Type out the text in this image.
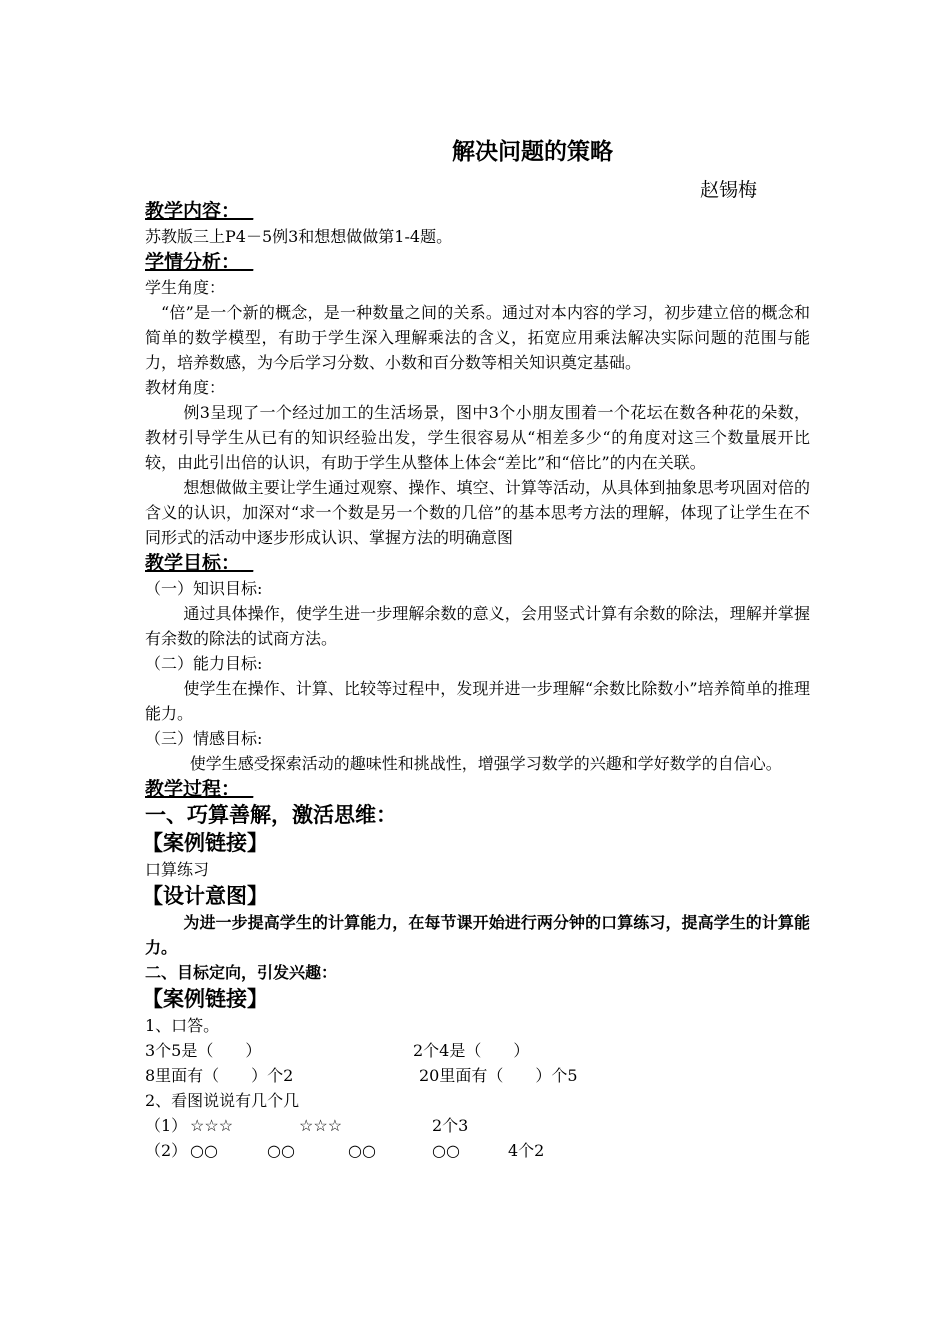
解决问题的策略
赵锡梅
教学内容：
苏教版三上P4－5例3和想想做做第1-4题。
学情分析：
学生角度：
“倍”是一个新的概念，是一种数量之间的关系。通过对本内容的学习，初步建立倍的概念和简单的数学模型，有助于学生深入理解乘法的含义，拓宽应用乘法解决实际问题的范围与能力，培养数感，为今后学习分数、小数和百分数等相关知识奠定基础。
教材角度：
例3呈现了一个经过加工的生活场景，图中3个小朋友围着一个花坛在数各种花的朵数，教材引导学生从已有的知识经验出发，学生很容易从“相差多少“的角度对这三个数量展开比较，由此引出倍的认识，有助于学生从整体上体会“差比”和“倍比”的内在关联。
想想做做主要让学生通过观察、操作、填空、计算等活动，从具体到抽象思考巩固对倍的含义的认识，加深对“求一个数是另一个数的几倍”的基本思考方法的理解，体现了让学生在不同形式的活动中逐步形成认识、掌握方法的明确意图
教学目标：
（一）知识目标:
通过具体操作，使学生进一步理解余数的意义，会用竖式计算有余数的除法，理解并掌握有余数的除法的试商方法。
（二）能力目标:
使学生在操作、计算、比较等过程中，发现并进一步理解“余数比除数小”培养简单的推理能力。
（三）情感目标:
使学生感受探索活动的趣味性和挑战性，增强学习数学的兴趣和学好数学的自信心。
教学过程：
一、巧算善解，激活思维：
【案例链接】
口算练习
【设计意图】
为进一步提高学生的计算能力，在每节课开始进行两分钟的口算练习，提高学生的计算能力。
二、目标定向，引发兴趣：
【案例链接】
1、口答。
3个5是（　　）	2个4是（　　）
8里面有（　　）个2	20里面有（　　）个5
2、看图说说有几个几
（1） ☆☆☆	☆☆☆	2个3
（2） ○○	○○	○○	○○	4个2
